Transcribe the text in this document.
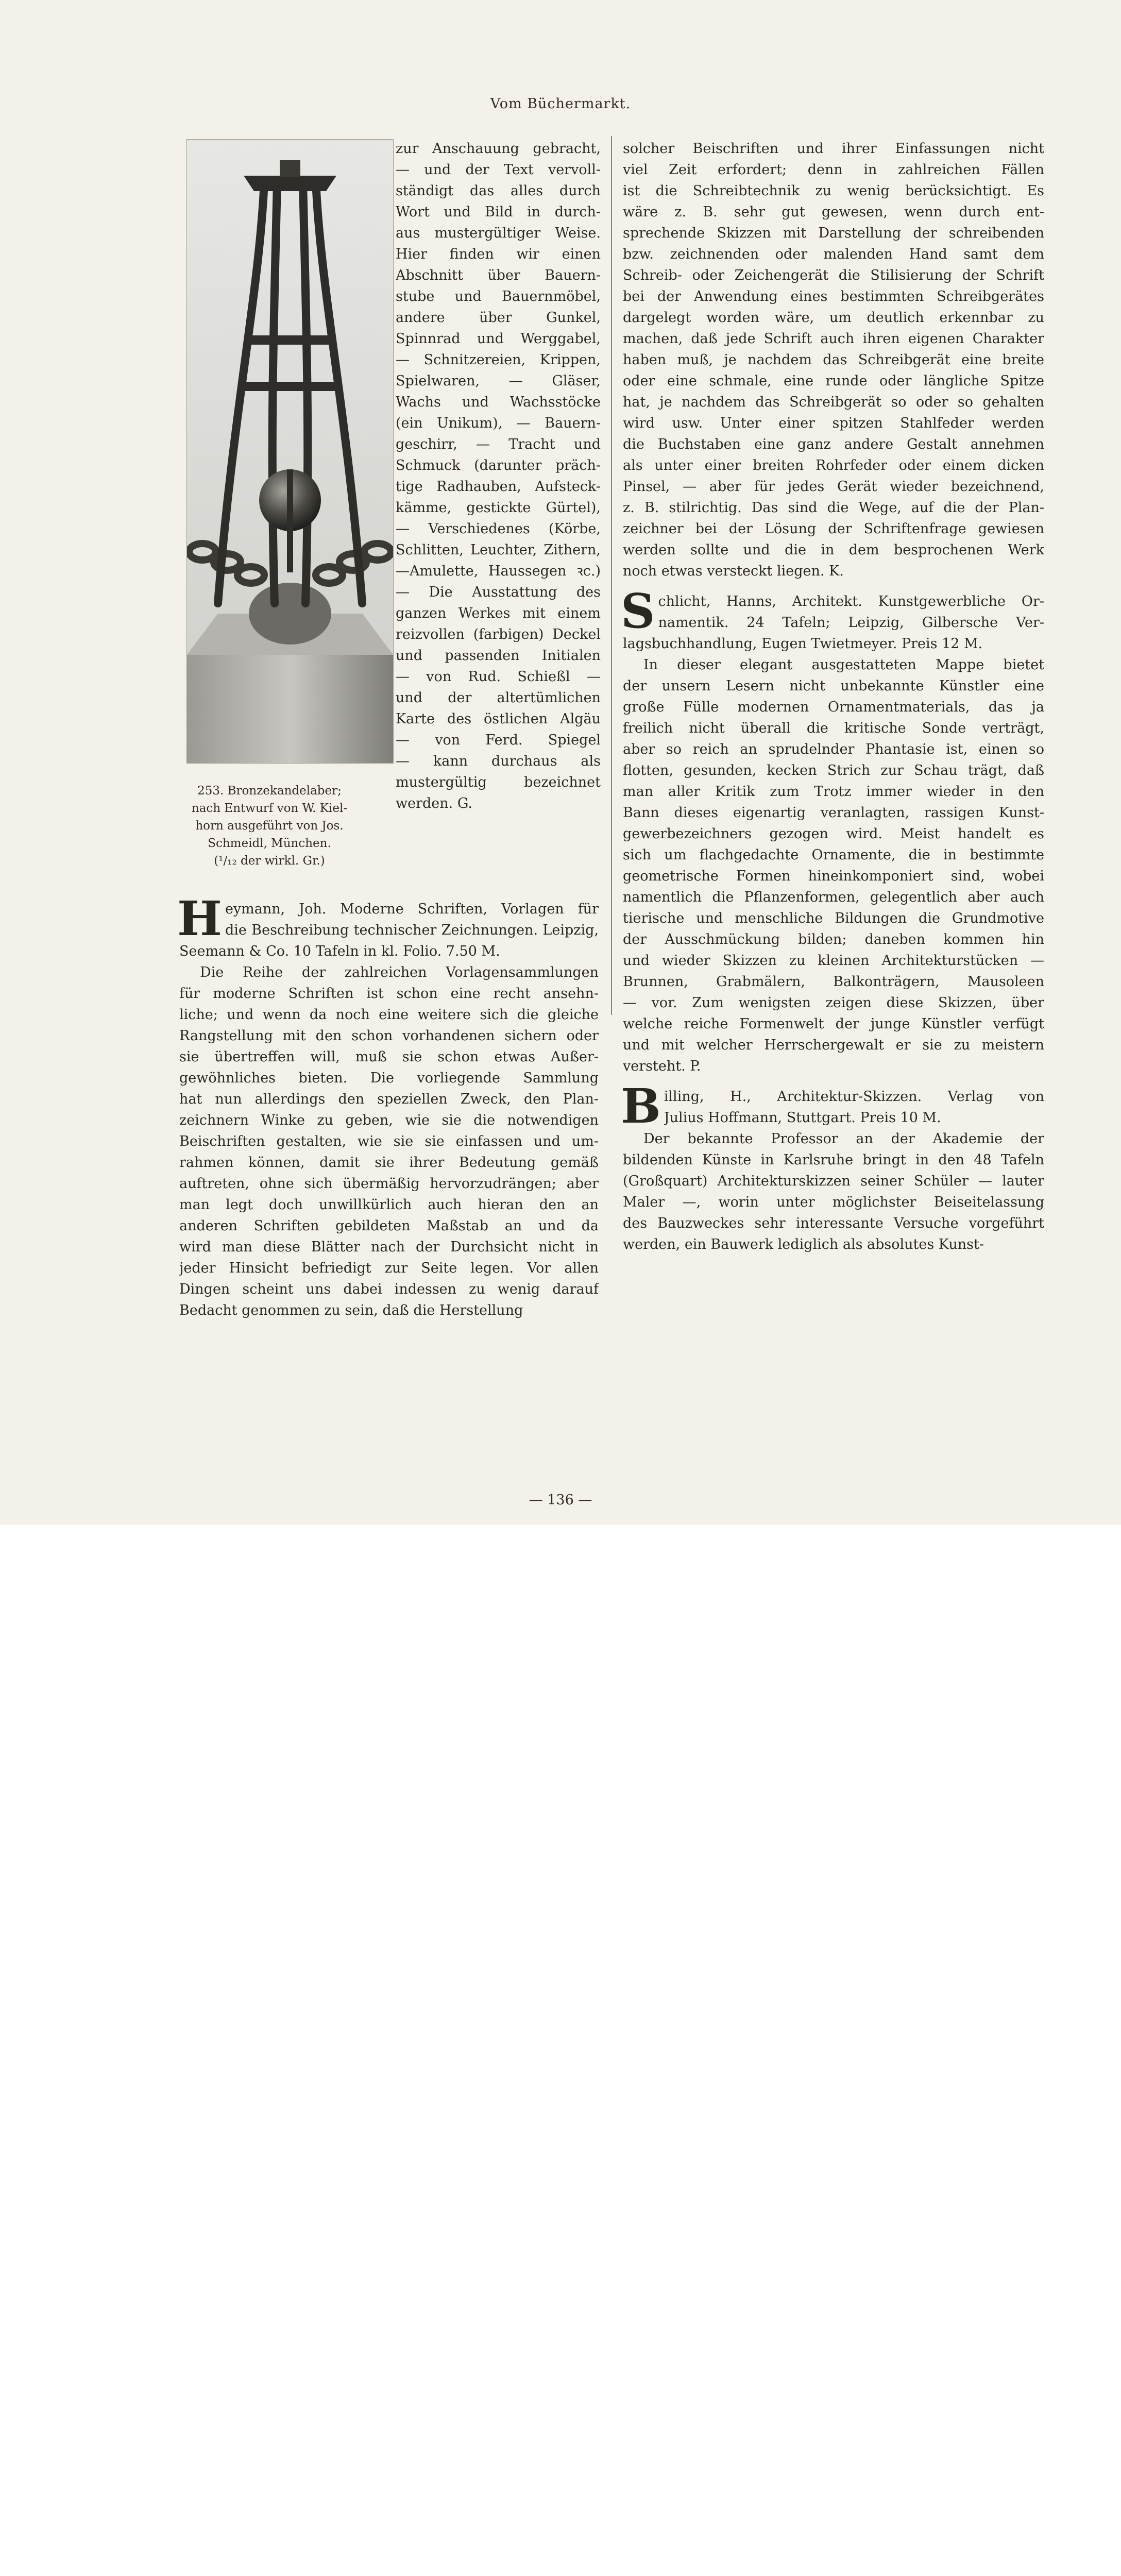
Vom Büchermarkt.
253. Bronzekandelaber;
nach Entwurf von W. Kiel-
horn ausgeführt von Jos.
Schmeidl, München.
(¹/₁₂ der wirkl. Gr.)
zur Anschauung gebracht,
— und der Text vervoll-
ständigt das alles durch
Wort und Bild in durch-
aus mustergültiger Weise.
Hier finden wir einen
Abschnitt über Bauern-
stube und Bauernmöbel,
andere über Gunkel,
Spinnrad und Werggabel,
— Schnitzereien, Krippen,
Spielwaren, — Gläser,
Wachs und Wachsstöcke
(ein Unikum), — Bauern-
geschirr, — Tracht und
Schmuck (darunter präch-
tige Radhauben, Aufsteck-
kämme, gestickte Gürtel),
— Verschiedenes (Körbe,
Schlitten, Leuchter, Zithern,
—Amulette, Haussegen ꝛc.)
— Die Ausstattung des
ganzen Werkes mit einem
reizvollen (farbigen) Deckel
und passenden Initialen
— von Rud. Schießl —
und der altertümlichen
Karte des östlichen Algäu
— von Ferd. Spiegel
— kann durchaus als
mustergültig bezeichnet
werden. G.
H eymann, Joh. Moderne Schriften, Vorlagen für
die Beschreibung technischer Zeichnungen. Leipzig,
Seemann & Co. 10 Tafeln in kl. Folio. 7.50 M.
Die Reihe der zahlreichen Vorlagensammlungen
für moderne Schriften ist schon eine recht ansehn-
liche; und wenn da noch eine weitere sich die gleiche
Rangstellung mit den schon vorhandenen sichern oder
sie übertreffen will, muß sie schon etwas Außer-
gewöhnliches bieten. Die vorliegende Sammlung
hat nun allerdings den speziellen Zweck, den Plan-
zeichnern Winke zu geben, wie sie die notwendigen
Beischriften gestalten, wie sie sie einfassen und um-
rahmen können, damit sie ihrer Bedeutung gemäß
auftreten, ohne sich übermäßig hervorzudrängen; aber
man legt doch unwillkürlich auch hieran den an
anderen Schriften gebildeten Maßstab an und da
wird man diese Blätter nach der Durchsicht nicht in
jeder Hinsicht befriedigt zur Seite legen. Vor allen
Dingen scheint uns dabei indessen zu wenig darauf
Bedacht genommen zu sein, daß die Herstellung
solcher Beischriften und ihrer Einfassungen nicht
viel Zeit erfordert; denn in zahlreichen Fällen
ist die Schreibtechnik zu wenig berücksichtigt. Es
wäre z. B. sehr gut gewesen, wenn durch ent-
sprechende Skizzen mit Darstellung der schreibenden
bzw. zeichnenden oder malenden Hand samt dem
Schreib- oder Zeichengerät die Stilisierung der Schrift
bei der Anwendung eines bestimmten Schreibgerätes
dargelegt worden wäre, um deutlich erkennbar zu
machen, daß jede Schrift auch ihren eigenen Charakter
haben muß, je nachdem das Schreibgerät eine breite
oder eine schmale, eine runde oder längliche Spitze
hat, je nachdem das Schreibgerät so oder so gehalten
wird usw. Unter einer spitzen Stahlfeder werden
die Buchstaben eine ganz andere Gestalt annehmen
als unter einer breiten Rohrfeder oder einem dicken
Pinsel, — aber für jedes Gerät wieder bezeichnend,
z. B. stilrichtig. Das sind die Wege, auf die der Plan-
zeichner bei der Lösung der Schriftenfrage gewiesen
werden sollte und die in dem besprochenen Werk
noch etwas versteckt liegen. K.
S chlicht, Hanns, Architekt. Kunstgewerbliche Or-
namentik. 24 Tafeln; Leipzig, Gilbersche Ver-
lagsbuchhandlung, Eugen Twietmeyer. Preis 12 M.
In dieser elegant ausgestatteten Mappe bietet
der unsern Lesern nicht unbekannte Künstler eine
große Fülle modernen Ornamentmaterials, das ja
freilich nicht überall die kritische Sonde verträgt,
aber so reich an sprudelnder Phantasie ist, einen so
flotten, gesunden, kecken Strich zur Schau trägt, daß
man aller Kritik zum Trotz immer wieder in den
Bann dieses eigenartig veranlagten, rassigen Kunst-
gewerbezeichners gezogen wird. Meist handelt es
sich um flachgedachte Ornamente, die in bestimmte
geometrische Formen hineinkomponiert sind, wobei
namentlich die Pflanzenformen, gelegentlich aber auch
tierische und menschliche Bildungen die Grundmotive
der Ausschmückung bilden; daneben kommen hin
und wieder Skizzen zu kleinen Architekturstücken —
Brunnen, Grabmälern, Balkonträgern, Mausoleen
— vor. Zum wenigsten zeigen diese Skizzen, über
welche reiche Formenwelt der junge Künstler verfügt
und mit welcher Herrschergewalt er sie zu meistern
versteht. P.
B illing, H., Architektur-Skizzen. Verlag von
Julius Hoffmann, Stuttgart. Preis 10 M.
Der bekannte Professor an der Akademie der
bildenden Künste in Karlsruhe bringt in den 48 Tafeln
(Großquart) Architekturskizzen seiner Schüler — lauter
Maler —, worin unter möglichster Beiseitelassung
des Bauzweckes sehr interessante Versuche vorgeführt
werden, ein Bauwerk lediglich als absolutes Kunst-
— 136 —
